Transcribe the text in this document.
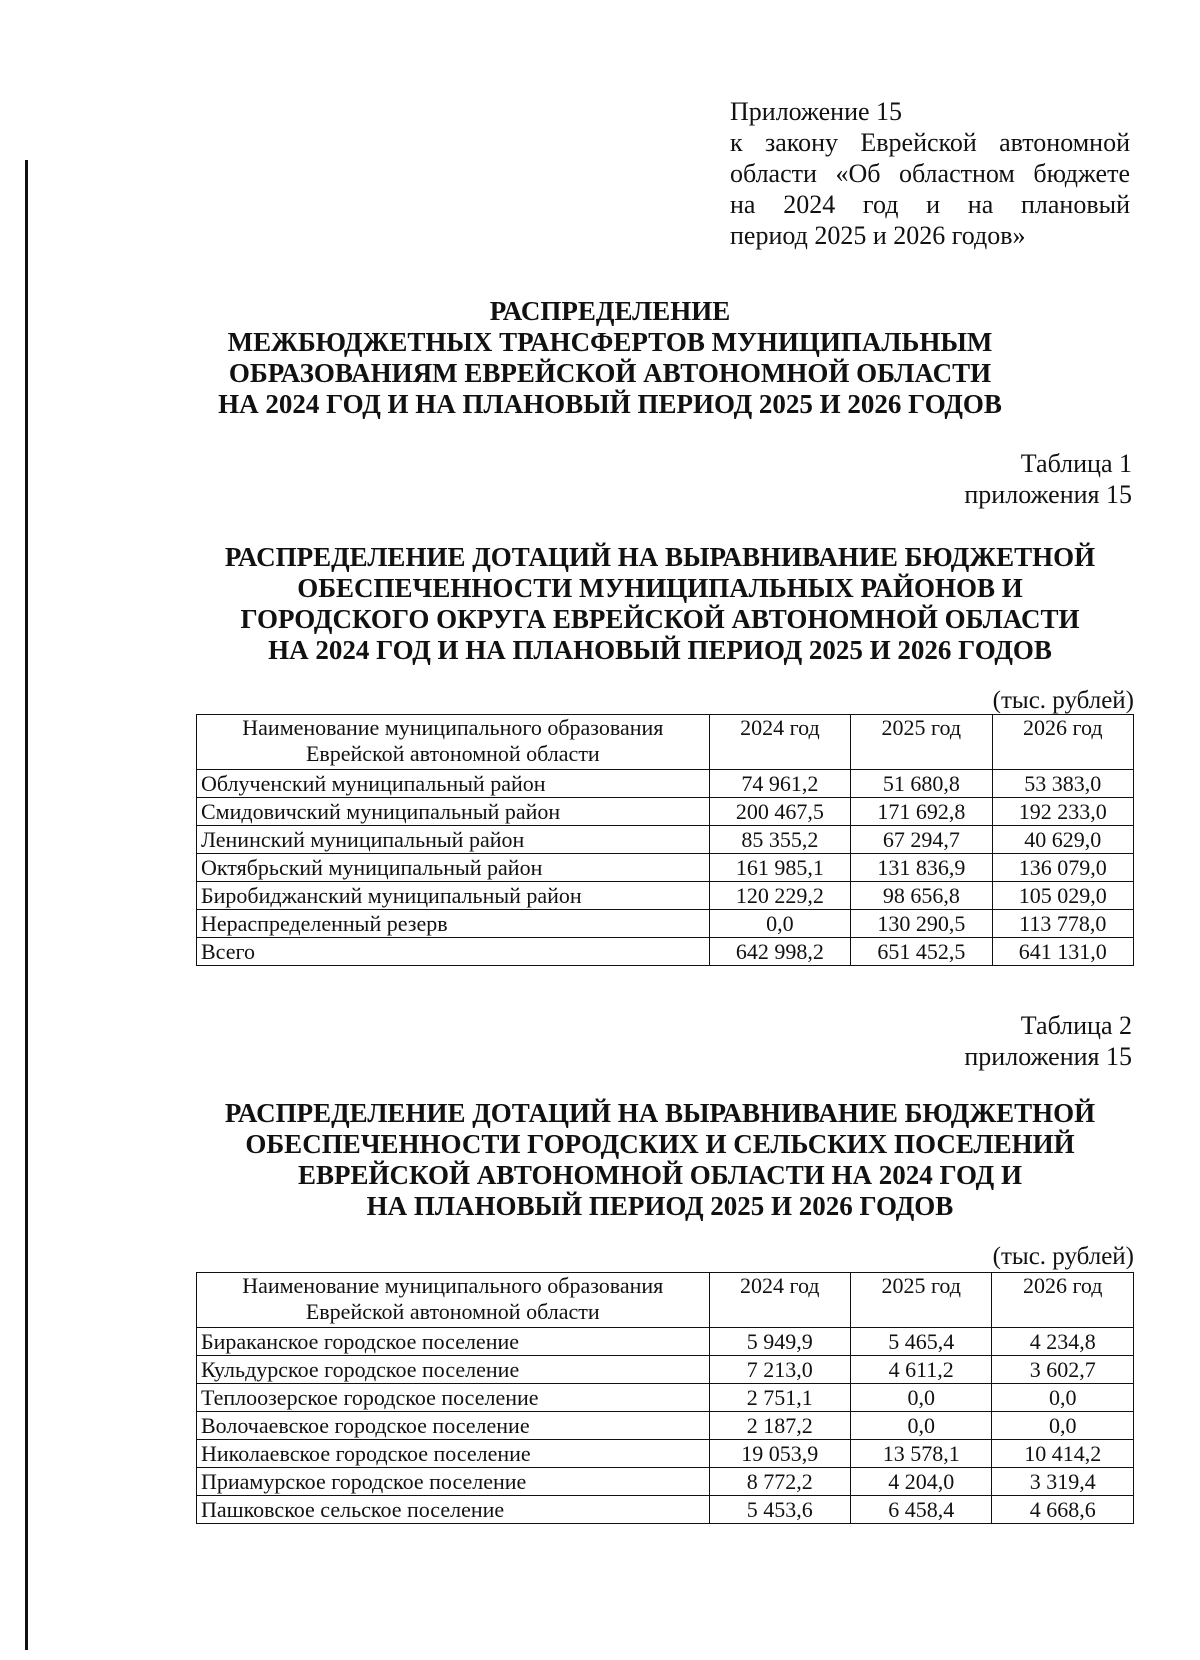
Приложение 15
к закону Еврейской автономной
области «Об областном бюджете
на 2024 год и на плановый
период 2025 и 2026 годов»
РАСПРЕДЕЛЕНИЕ
МЕЖБЮДЖЕТНЫХ ТРАНСФЕРТОВ МУНИЦИПАЛЬНЫМ
ОБРАЗОВАНИЯМ ЕВРЕЙСКОЙ АВТОНОМНОЙ ОБЛАСТИ
НА 2024 ГОД И НА ПЛАНОВЫЙ ПЕРИОД 2025 И 2026 ГОДОВ
Таблица 1
приложения 15
РАСПРЕДЕЛЕНИЕ ДОТАЦИЙ НА ВЫРАВНИВАНИЕ БЮДЖЕТНОЙ
ОБЕСПЕЧЕННОСТИ МУНИЦИПАЛЬНЫХ РАЙОНОВ И
ГОРОДСКОГО ОКРУГА ЕВРЕЙСКОЙ АВТОНОМНОЙ ОБЛАСТИ
НА 2024 ГОД И НА ПЛАНОВЫЙ ПЕРИОД 2025 И 2026 ГОДОВ
(тыс. рублей)
Наименование муниципального образования
Еврейской автономной области	2024 год	2025 год	2026 год
Облученский муниципальный район	74 961,2	51 680,8	53 383,0
Смидовичский муниципальный район	200 467,5	171 692,8	192 233,0
Ленинский муниципальный район	85 355,2	67 294,7	40 629,0
Октябрьский муниципальный район	161 985,1	131 836,9	136 079,0
Биробиджанский муниципальный район	120 229,2	98 656,8	105 029,0
Нераспределенный резерв	0,0	130 290,5	113 778,0
Всего	642 998,2	651 452,5	641 131,0
Таблица 2
приложения 15
РАСПРЕДЕЛЕНИЕ ДОТАЦИЙ НА ВЫРАВНИВАНИЕ БЮДЖЕТНОЙ
ОБЕСПЕЧЕННОСТИ ГОРОДСКИХ И СЕЛЬСКИХ ПОСЕЛЕНИЙ
ЕВРЕЙСКОЙ АВТОНОМНОЙ ОБЛАСТИ НА 2024 ГОД И
НА ПЛАНОВЫЙ ПЕРИОД 2025 И 2026 ГОДОВ
(тыс. рублей)
Наименование муниципального образования
Еврейской автономной области	2024 год	2025 год	2026 год
Бираканское городское поселение	5 949,9	5 465,4	4 234,8
Кульдурское городское поселение	7 213,0	4 611,2	3 602,7
Теплоозерское городское поселение	2 751,1	0,0	0,0
Волочаевское городское поселение	2 187,2	0,0	0,0
Николаевское городское поселение	19 053,9	13 578,1	10 414,2
Приамурское городское поселение	8 772,2	4 204,0	3 319,4
Пашковское сельское поселение	5 453,6	6 458,4	4 668,6
